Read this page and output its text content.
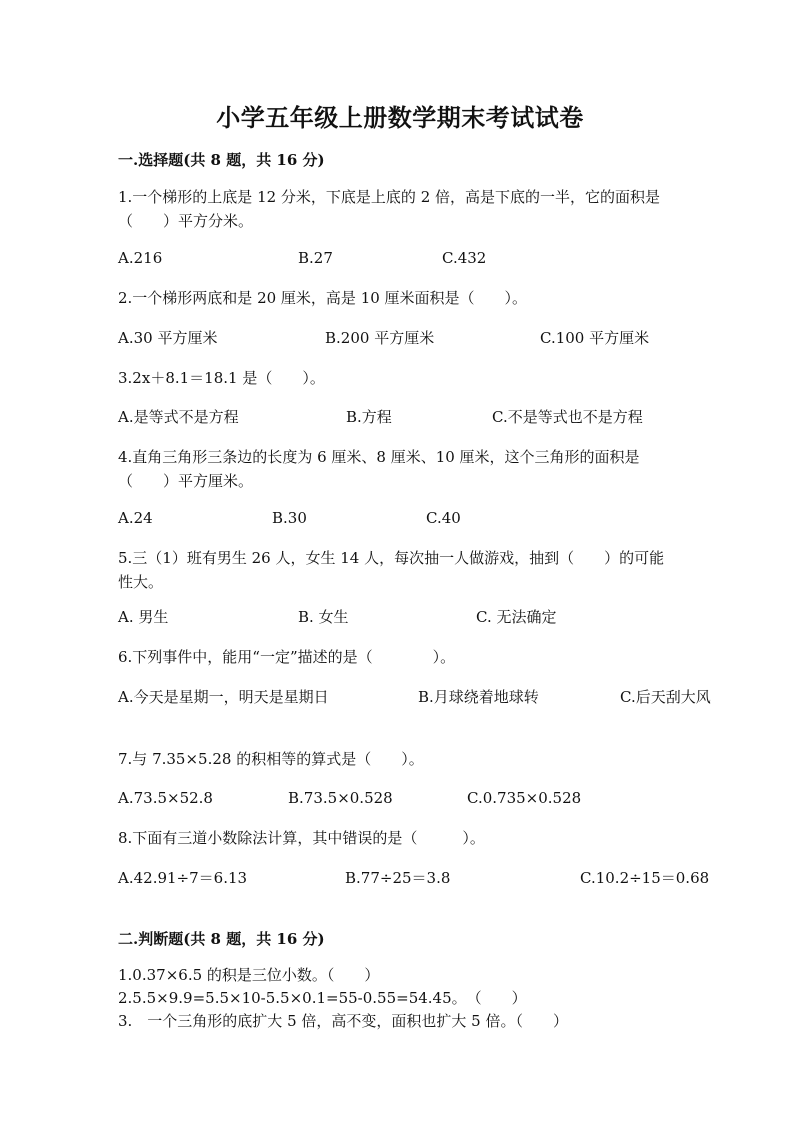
小学五年级上册数学期末考试试卷
一.选择题(共 8 题，共 16 分)
1.一个梯形的上底是 12 分米，下底是上底的 2 倍，高是下底的一半，它的面积是（　　）平方分米。
A.216	B.27	C.432
2.一个梯形两底和是 20 厘米，高是 10 厘米面积是（　　）。
A.30 平方厘米	B.200 平方厘米	C.100 平方厘米
3.2x＋8.1＝18.1 是（　　）。
A.是等式不是方程	B.方程	C.不是等式也不是方程
4.直角三角形三条边的长度为 6 厘米、8 厘米、10 厘米，这个三角形的面积是（　　）平方厘米。
A.24	B.30	C.40
5.三（1）班有男生 26 人，女生 14 人，每次抽一人做游戏，抽到（　　）的可能性大。
A. 男生	B. 女生	C. 无法确定
6.下列事件中，能用“一定”描述的是（　　　　）。
A.今天是星期一，明天是星期日	B.月球绕着地球转	C.后天刮大风
7.与 7.35×5.28 的积相等的算式是（　　）。
A.73.5×52.8	B.73.5×0.528	C.0.735×0.528
8.下面有三道小数除法计算，其中错误的是（　　　）。
A.42.91÷7＝6.13	B.77÷25＝3.8	C.10.2÷15＝0.68
二.判断题(共 8 题，共 16 分)
1.0.37×6.5 的积是三位小数。（　　）
2.5.5×9.9=5.5×10-5.5×0.1=55-0.55=54.45。　（　　）
3.　一个三角形的底扩大 5 倍，高不变，面积也扩大 5 倍。（　　）
